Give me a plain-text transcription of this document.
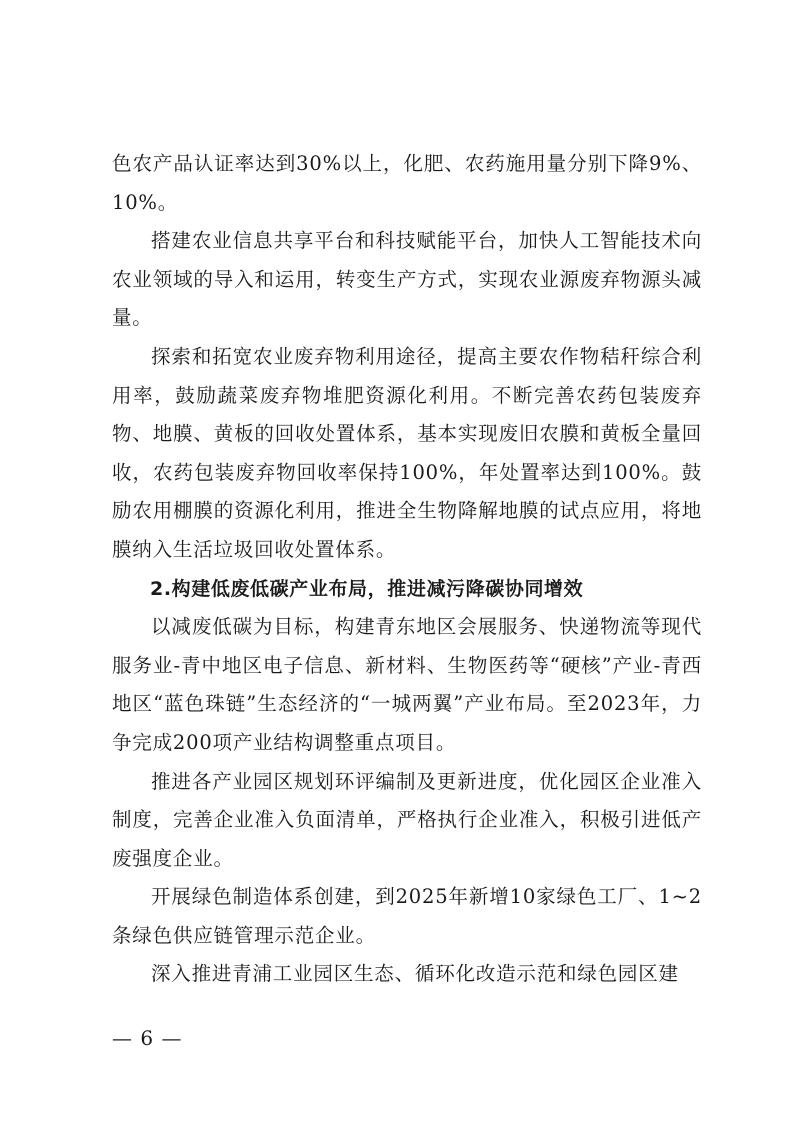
色农产品认证率达到30%以上，化肥、农药施用量分别下降9%、10%。

搭建农业信息共享平台和科技赋能平台，加快人工智能技术向农业领域的导入和运用，转变生产方式，实现农业源废弃物源头减量。

探索和拓宽农业废弃物利用途径，提高主要农作物秸秆综合利用率，鼓励蔬菜废弃物堆肥资源化利用。不断完善农药包装废弃物、地膜、黄板的回收处置体系，基本实现废旧农膜和黄板全量回收，农药包装废弃物回收率保持100%，年处置率达到100%。鼓励农用棚膜的资源化利用，推进全生物降解地膜的试点应用，将地膜纳入生活垃圾回收处置体系。

2.构建低废低碳产业布局，推进减污降碳协同增效

以减废低碳为目标，构建青东地区会展服务、快递物流等现代服务业-青中地区电子信息、新材料、生物医药等“硬核”产业-青西地区“蓝色珠链”生态经济的“一城两翼”产业布局。至2023年，力争完成200项产业结构调整重点项目。

推进各产业园区规划环评编制及更新进度，优化园区企业准入制度，完善企业准入负面清单，严格执行企业准入，积极引进低产废强度企业。

开展绿色制造体系创建，到2025年新增10家绿色工厂、1~2条绿色供应链管理示范企业。

深入推进青浦工业园区生态、循环化改造示范和绿色园区建

— 6 —
